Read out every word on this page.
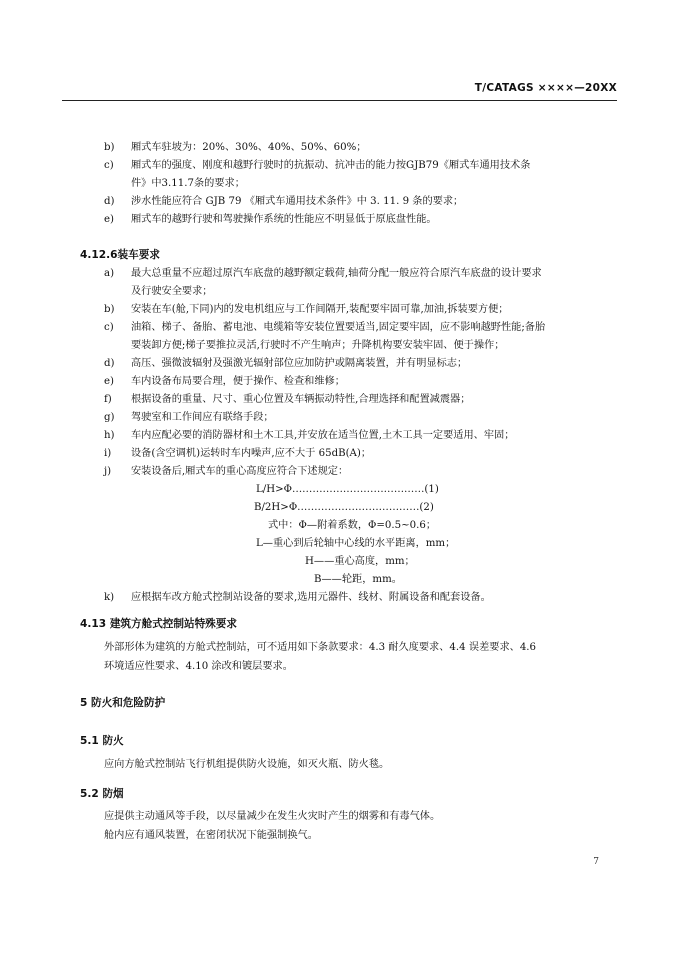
T/CATAGS ××××—20XX
b)	厢式车驻坡为：20%、30%、40%、50%、60%；
c)	厢式车的强度、刚度和越野行驶时的抗振动、抗冲击的能力按GJB79《厢式车通用技术条
件》中3.11.7条的要求；
d)	涉水性能应符合 GJB 79 《厢式车通用技术条件》中 3. 11. 9 条的要求；
e)	厢式车的越野行驶和驾驶操作系统的性能应不明显低于原底盘性能。
4.12.6装车要求
a)	最大总重量不应超过原汽车底盘的越野额定载荷,轴荷分配一般应符合原汽车底盘的设计要求
及行驶安全要求；
b)	安装在车(舱,下同)内的发电机组应与工作间隔开,装配要牢固可靠,加油,拆装要方便；
c)	油箱、梯子、备胎、蓄电池、电缆箱等安装位置要适当,固定要牢固，应不影响越野性能;备胎
要装卸方便;梯子要推拉灵活,行驶时不产生响声；升降机构要安装牢固、便于操作；
d)	高压、强微波辐射及强激光辐射部位应加防护或隔离装置，并有明显标志；
e)	车内设备布局要合理，便于操作、检查和维修；
f)	根据设备的重量、尺寸、重心位置及车辆振动特性,合理选择和配置减震器；
g)	驾驶室和工作间应有联络手段；
h)	车内应配必要的消防器材和土木工具,并安放在适当位置,土木工具一定要适用、牢固；
i)	设备(含空调机)运转时车内噪声,应不大于 65dB(A)；
j)	安装设备后,厢式车的重心高度应符合下述规定：
L/H>Φ…………………………………(1)
B/2H>Φ………………………………(2)
式中：Φ—附着系数，Φ=0.5~0.6；
L—重心到后轮轴中心线的水平距离，mm；
H——重心高度，mm；
B——轮距，mm。
k)	应根据车改方舱式控制站设备的要求,选用元器件、线材、附属设备和配套设备。
4.13 建筑方舱式控制站特殊要求
外部形体为建筑的方舱式控制站，可不适用如下条款要求：4.3 耐久度要求、4.4 误差要求、4.6
环境适应性要求、4.10 涂改和镀层要求。
5 防火和危险防护
5.1 防火
应向方舱式控制站飞行机组提供防火设施，如灭火瓶、防火毯。
5.2 防烟
应提供主动通风等手段，以尽量减少在发生火灾时产生的烟雾和有毒气体。
舱内应有通风装置，在密闭状况下能强制换气。
7
